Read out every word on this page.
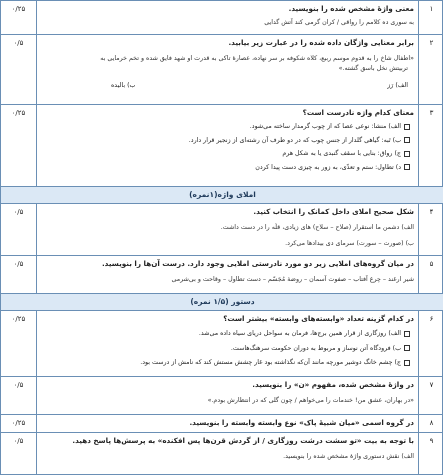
۱
۰/۲۵	معنی واژهٔ مشخص شده را بنویسید.
به سوری ده کلامم را رواقی / کران گرمی کند آتش گدایی
۲
۰/۵	برابر معنایی واژگان داده شده را در عبارت زیر بیابید.
«اطفال شاخ را به قدوم موسم ربیع، کلاه شکوفه بر سر نهاده، عصارهٔ تاکی به قدرت او شهد فایق شده و تخم خرمایی به
تربیتش نخل باسق گشته.»
الف) رَز
ب) بالیده
۳
۰/۲۵	معنای کدام واژه نادرست است؟
الف) منشا: نوعی عصا که از چوب گرمدار ساخته می‌شود.
ب) تَبه: گیاهی گلدار از جنس چوب که در دو طرف آن رشته‌ای از زنجیر قرار دارد.
ج) رواق: بنایی با سقف گنبدی یا به شکل هرم
د) تطاول: ستم و تعدّی، به زور به چیزی دست پیدا کردن
املای واژه(۱نمره)
۴
۰/۵	شکل صحیح املای داخل کمانک را انتخاب کنید.
الف) دشمن ما استقرار (صلاح – سلاح) های زیادی، قلّه را در دست داشت.
ب) (صورت – سورت) سرمای دی بیداد‌ها می‌کرد.
۵
۰/۵	در میان گروه‌های املایی زیر دو مورد نادرستی املایی وجود دارد. درست آن‌ها را بنویسید.
شیر ارغند – چرغ آفتاب – صفوت آسمان – روضهٔ مُجَسّم – دست تطاول – وقاحت و بی‌شرمی
دستور (۱/۵ نمره)
۶
۰/۲۵	در کدام گزینه تعداد «وابسته‌های وابسته» بیشتر است؟
الف) روزگاری از قرار همین برج‌ها، فرمان به سواحل دریای سیاه داده می‌شد.
ب) فرودگاه آتن نوساز و مربوط به دوران حکومت سرهنگ‌هاست.
ج) چشم خانگ دوشیر مورچه مانند آن‌که نگذاشته بود غار چشش مستش کند که نامش از درست بود.
۷
۰/۵	در واژهٔ مشخص شده، مفهوم «ن» را بنویسید.
«در بهاران، عشق من! خندمات را می‌خواهم / چون گلی که در انتظارش بودم.»
۸
۰/۲۵	در گروه اسمی «میان شبیهٔ پاک» نوع وابسته وابسته را بنویسید.
۹
۰/۵	با توجه به بیت «تو سشت درشت روزگاری / از گردش قرن‌ها پس افکنده» به پرسش‌ها پاسخ دهید.
الف) نقش دستوری واژهٔ مشخص شده را بنویسید.
